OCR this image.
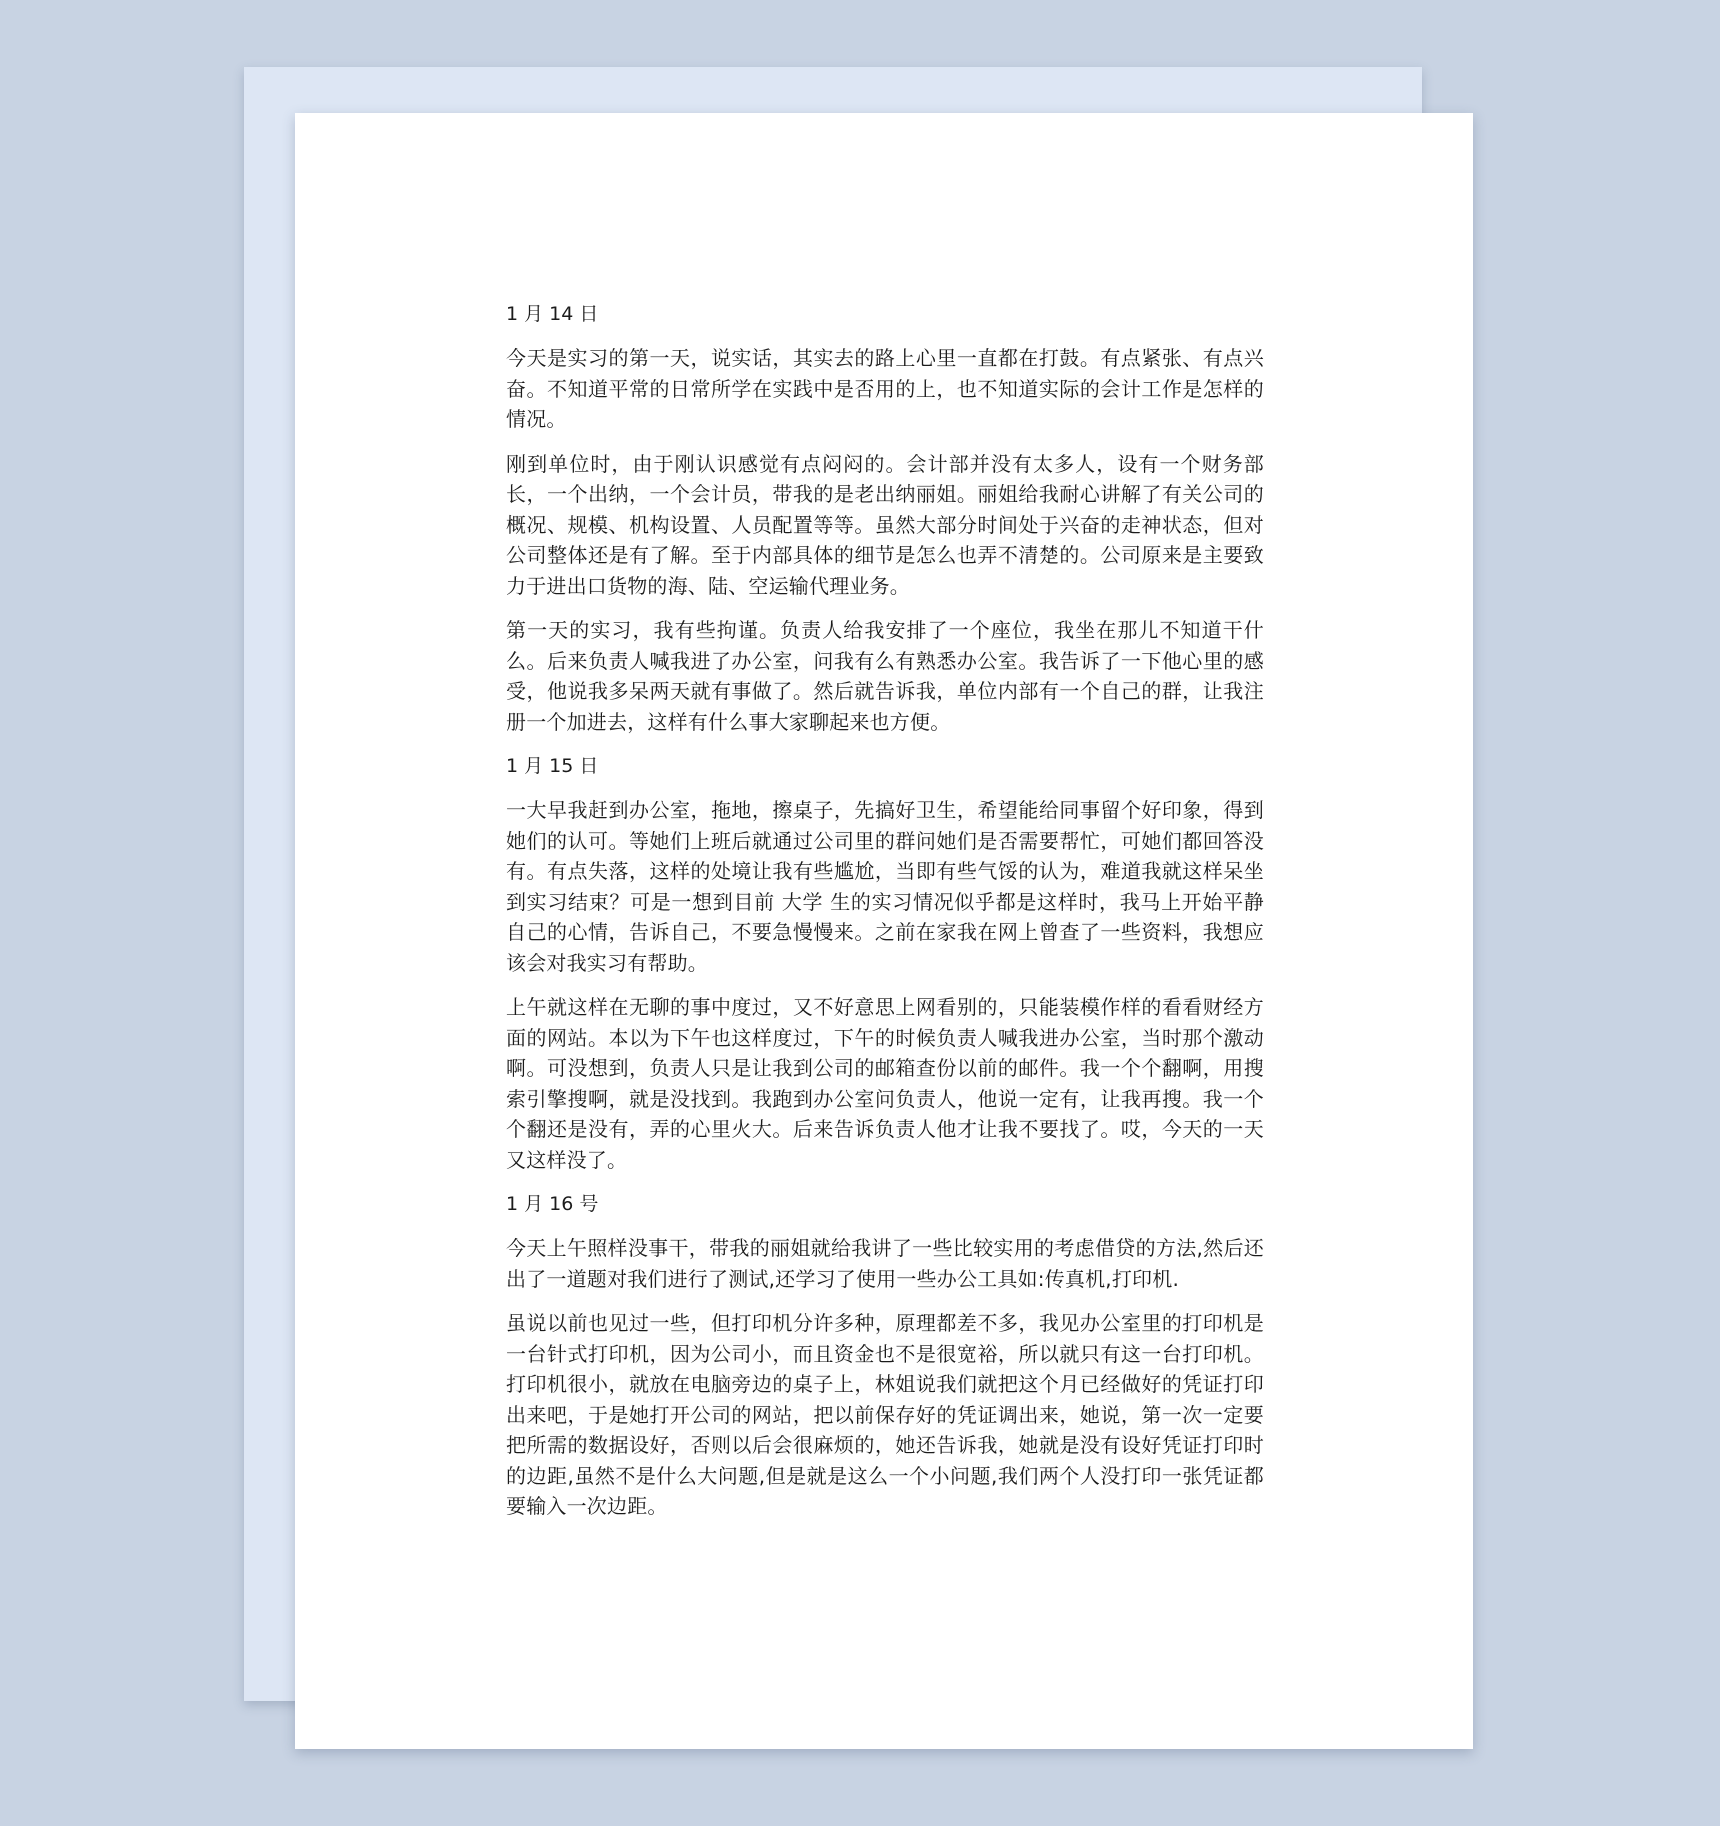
1 月 14 日

今天是实习的第一天，说实话，其实去的路上心里一直都在打鼓。有点紧张、有点兴奋。不知道平常的日常所学在实践中是否用的上，也不知道实际的会计工作是怎样的情况。

刚到单位时，由于刚认识感觉有点闷闷的。会计部并没有太多人，设有一个财务部长，一个出纳，一个会计员，带我的是老出纳丽姐。丽姐给我耐心讲解了有关公司的概况、规模、机构设置、人员配置等等。虽然大部分时间处于兴奋的走神状态，但对公司整体还是有了解。至于内部具体的细节是怎么也弄不清楚的。公司原来是主要致力于进出口货物的海、陆、空运输代理业务。

第一天的实习，我有些拘谨。负责人给我安排了一个座位，我坐在那儿不知道干什么。后来负责人喊我进了办公室，问我有么有熟悉办公室。我告诉了一下他心里的感受，他说我多呆两天就有事做了。然后就告诉我，单位内部有一个自己的群，让我注册一个加进去，这样有什么事大家聊起来也方便。

1 月 15 日

一大早我赶到办公室，拖地，擦桌子，先搞好卫生，希望能给同事留个好印象，得到她们的认可。等她们上班后就通过公司里的群问她们是否需要帮忙，可她们都回答没有。有点失落，这样的处境让我有些尴尬，当即有些气馁的认为，难道我就这样呆坐到实习结束？可是一想到目前 大学 生的实习情况似乎都是这样时，我马上开始平静自己的心情，告诉自己，不要急慢慢来。之前在家我在网上曾查了一些资料，我想应该会对我实习有帮助。

上午就这样在无聊的事中度过，又不好意思上网看别的，只能装模作样的看看财经方面的网站。本以为下午也这样度过，下午的时候负责人喊我进办公室，当时那个激动啊。可没想到，负责人只是让我到公司的邮箱查份以前的邮件。我一个个翻啊，用搜索引擎搜啊，就是没找到。我跑到办公室问负责人，他说一定有，让我再搜。我一个个翻还是没有，弄的心里火大。后来告诉负责人他才让我不要找了。哎，今天的一天又这样没了。

1 月 16 号

今天上午照样没事干，带我的丽姐就给我讲了一些比较实用的考虑借贷的方法,然后还出了一道题对我们进行了测试,还学习了使用一些办公工具如:传真机,打印机.

虽说以前也见过一些，但打印机分许多种，原理都差不多，我见办公室里的打印机是一台针式打印机，因为公司小，而且资金也不是很宽裕，所以就只有这一台打印机。打印机很小，就放在电脑旁边的桌子上，林姐说我们就把这个月已经做好的凭证打印出来吧，于是她打开公司的网站，把以前保存好的凭证调出来，她说，第一次一定要把所需的数据设好，否则以后会很麻烦的，她还告诉我，她就是没有设好凭证打印时的边距,虽然不是什么大问题,但是就是这么一个小问题,我们两个人没打印一张凭证都要输入一次边距。
